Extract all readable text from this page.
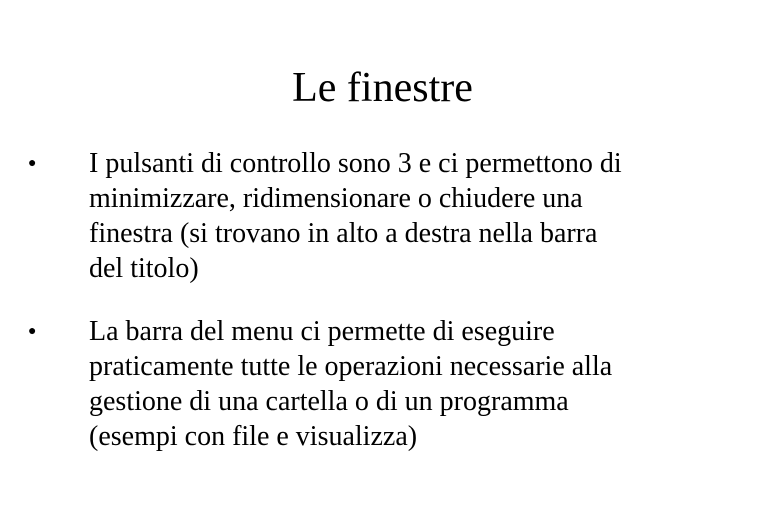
Le finestre
● I pulsanti di controllo sono 3 e ci permettono di
minimizzare, ridimensionare o chiudere una
finestra (si trovano in alto a destra nella barra
del titolo)
● La barra del menu ci permette di eseguire
praticamente tutte le operazioni necessarie alla
gestione di una cartella o di un programma
(esempi con file e visualizza)
